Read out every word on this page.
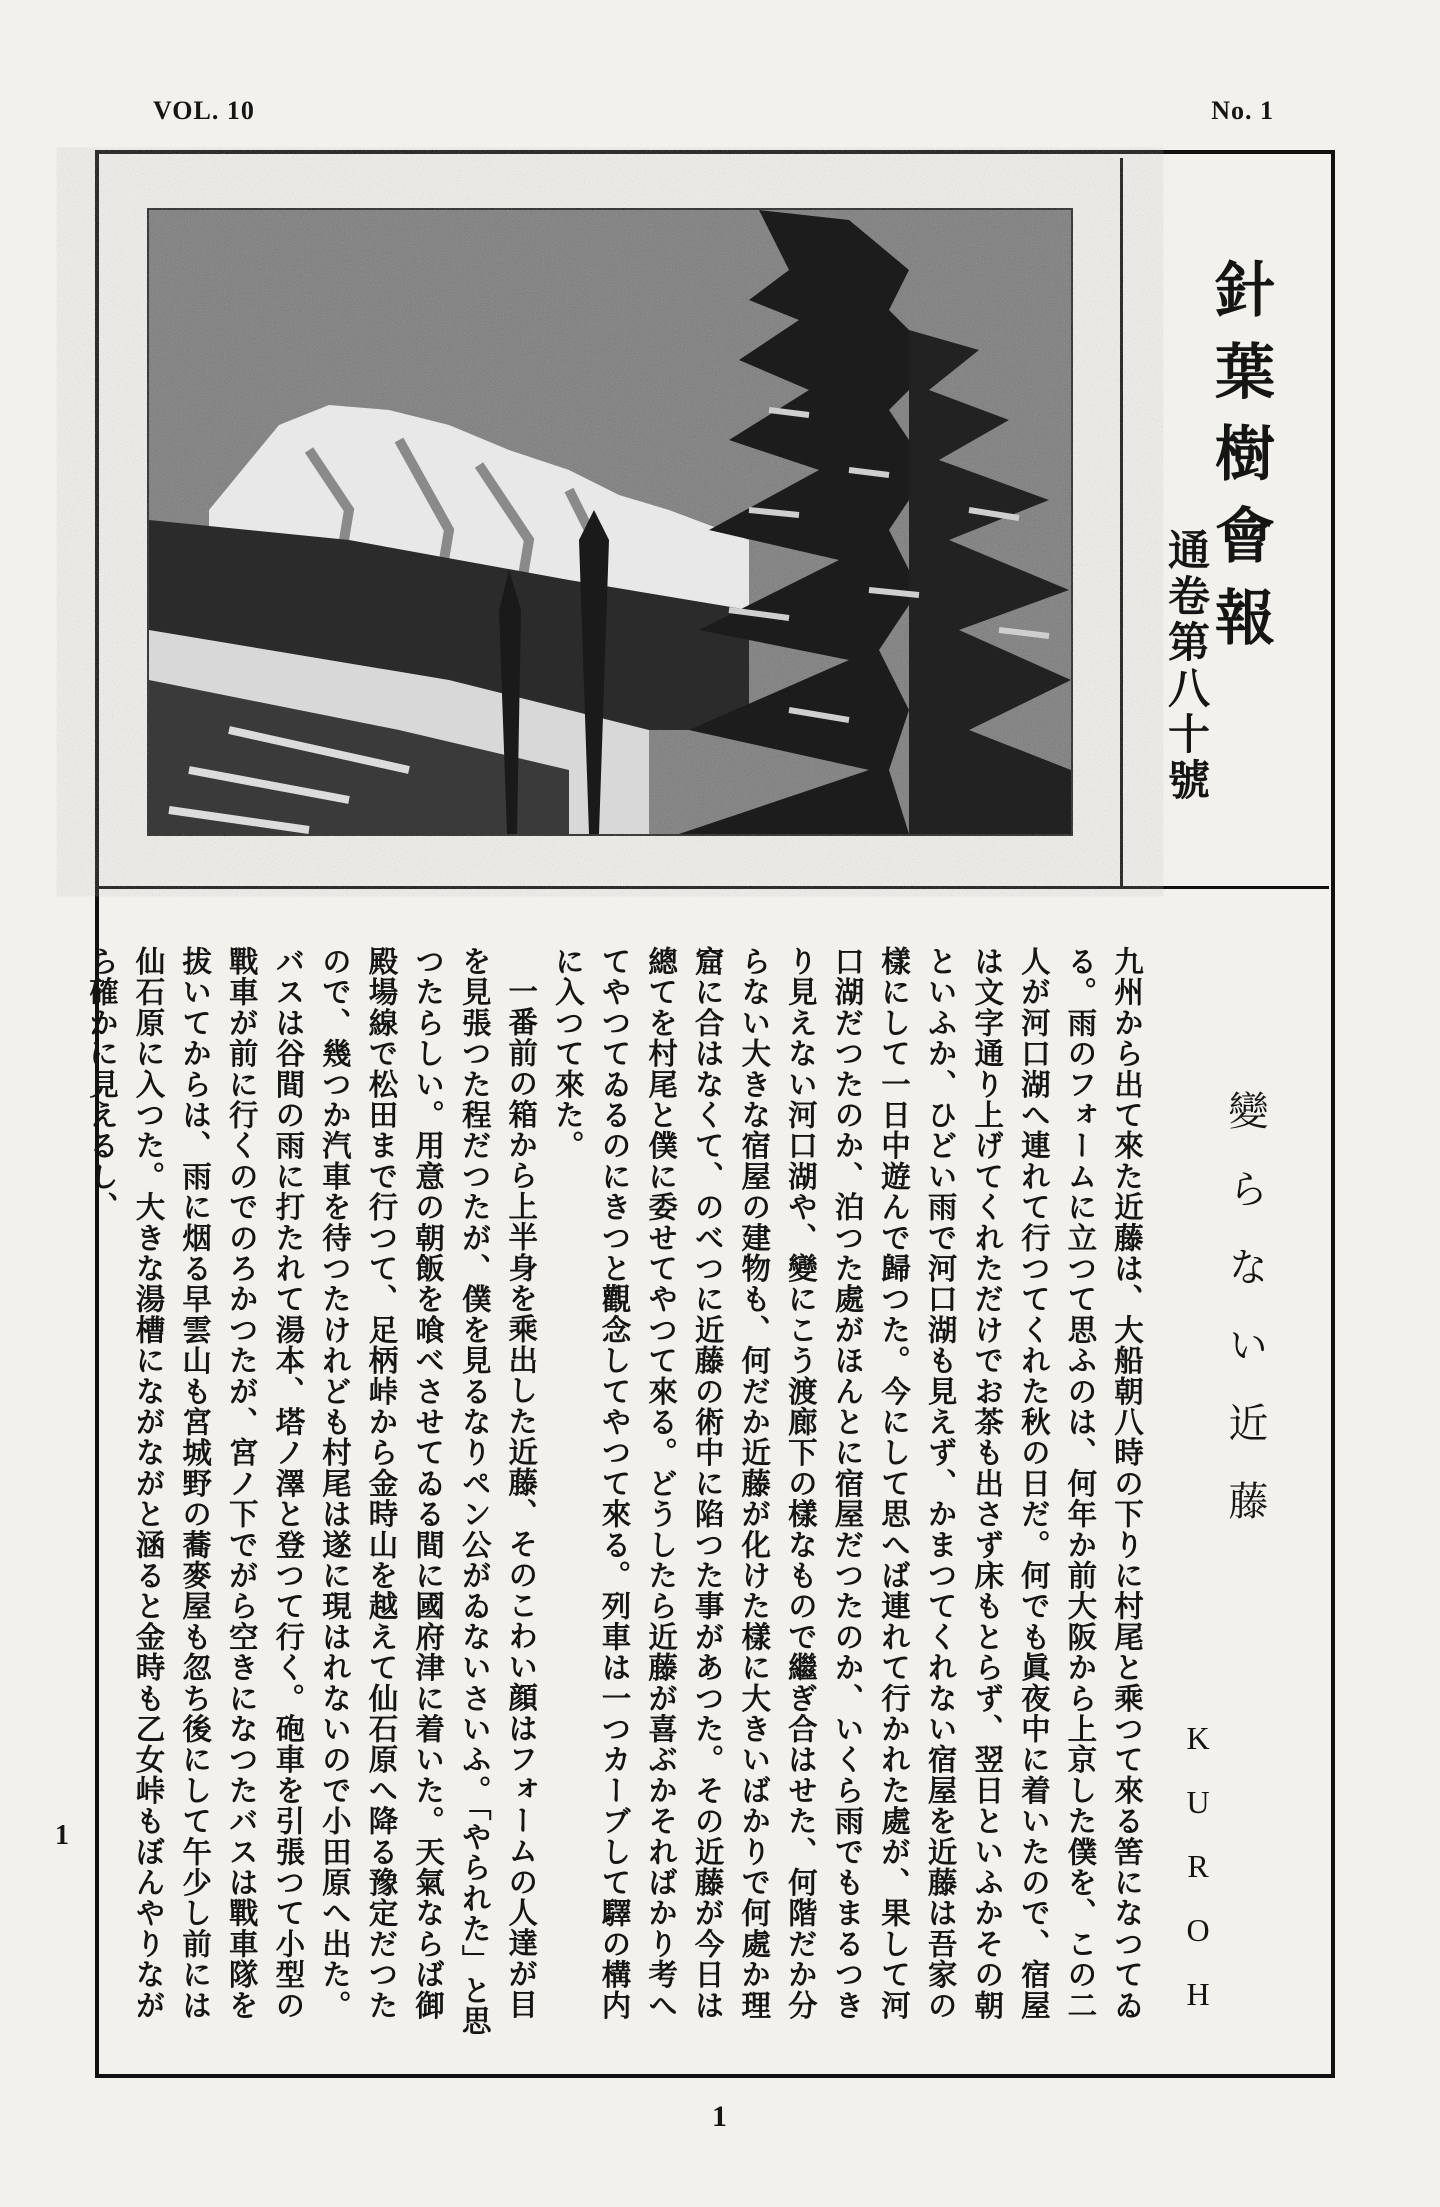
VOL. 10	No. 1
針葉樹會報
通卷第八十號
變らない近藤
KUROH

九州から出て來た近藤は、大船朝八時の下りに村尾と乘つて來る筈になつてゐる。雨のフォームに立つて思ふのは、何年か前大阪から上京した僕を、この二人が河口湖へ連れて行つてくれた秋の日だ。何でも眞夜中に着いたので、宿屋は文字通り上げてくれただけでお茶も出さず床もとらず、翌日といふかその朝といふか、ひどい雨で河口湖も見えず、かまつてくれない宿屋を近藤は吾家の樣にして一日中遊んで歸つた。今にして思へば連れて行かれた處が、果して河口湖だつたのか、泊つた處がほんとに宿屋だつたのか、いくら雨でもまるつきり見えない河口湖や、變にこう渡廊下の樣なもので繼ぎ合はせた、何階だか分らない大きな宿屋の建物も、何だか近藤が化けた樣に大きいばかりで何處か理窟に合はなくて、のべつに近藤の術中に陷つた事があつた。その近藤が今日は總てを村尾と僕に委せてやつて來る。どうしたら近藤が喜ぶかそればかり考へてやつてゐるのにきつと觀念してやつて來る。列車は一つカーブして驛の構内に入つて來た。

一番前の箱から上半身を乘出した近藤、そのこわい顔はフォームの人達が目を見張つた程だつたが、僕を見るなりペン公がゐないさいふ。「やられた」と思つたらしい。用意の朝飯を喰べさせてゐる間に國府津に着いた。天氣ならば御殿場線で松田まで行つて、足柄峠から金時山を越えて仙石原へ降る豫定だつたので、幾つか汽車を待つたけれども村尾は遂に現はれないので小田原へ出た。バスは谷間の雨に打たれて湯本、塔ノ澤と登つて行く。砲車を引張つて小型の戰車が前に行くのでのろかつたが、宮ノ下でがら空きになつたバスは戰車隊を拔いてからは、雨に烟る早雲山も宮城野の蕎麥屋も忽ち後にして午少し前には仙石原に入つた。大きな湯槽にながながと涵ると金時も乙女峠もぼんやりながら確かに見えるし、

1
1
